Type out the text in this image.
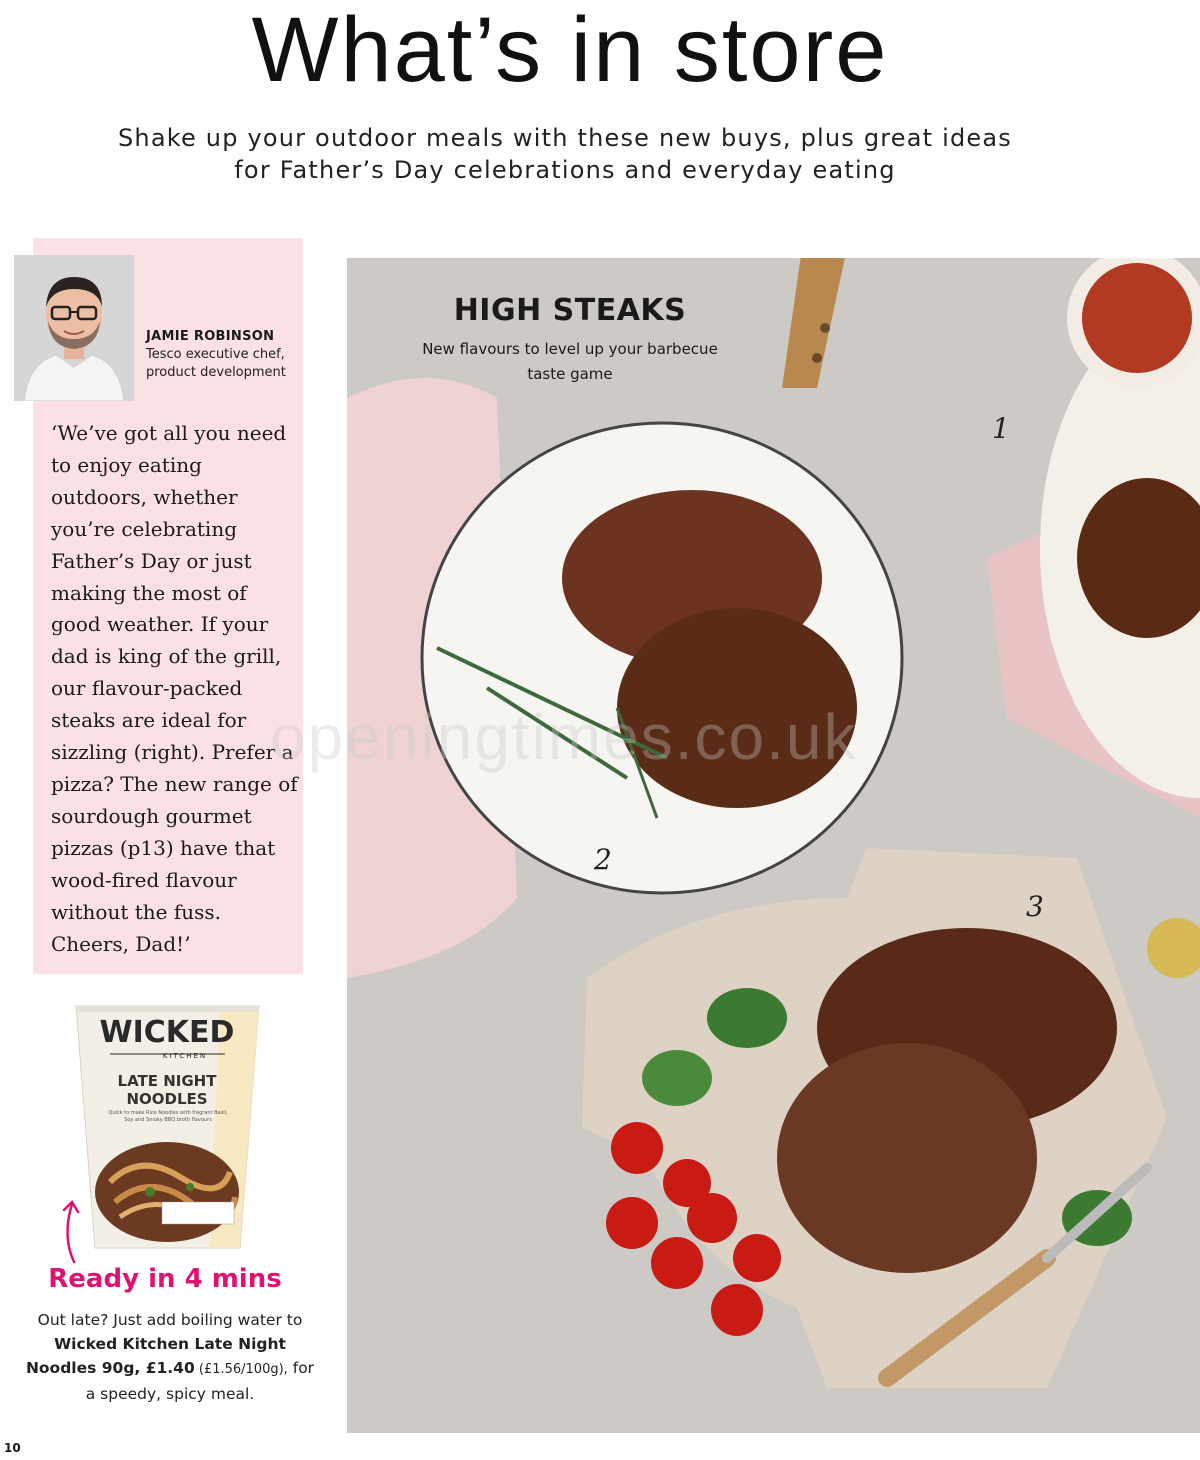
What’s in store
Shake up your outdoor meals with these new buys, plus great ideas for Father’s Day celebrations and everyday eating
JAMIE ROBINSON
Tesco executive chef, product development
‘We’ve got all you need to enjoy eating outdoors, whether you’re celebrating Father’s Day or just making the most of good weather. If your dad is king of the grill, our flavour-packed steaks are ideal for sizzling (right). Prefer a pizza? The new range of sourdough gourmet pizzas (p13) have that wood-fired flavour without the fuss. Cheers, Dad!’
WICKED
KITCHEN
LATE NIGHT
NOODLES
Quick to make Rice Noodles with fragrant Basil, Soy and Smoky BBQ broth flavours
Ready in 4 mins
Out late? Just add boiling water to Wicked Kitchen Late Night Noodles 90g, £1.40 (£1.56/100g), for a speedy, spicy meal.
10
HIGH STEAKS
New flavours to level up your barbecue taste game
1
2
3
openingtimes.co.uk
